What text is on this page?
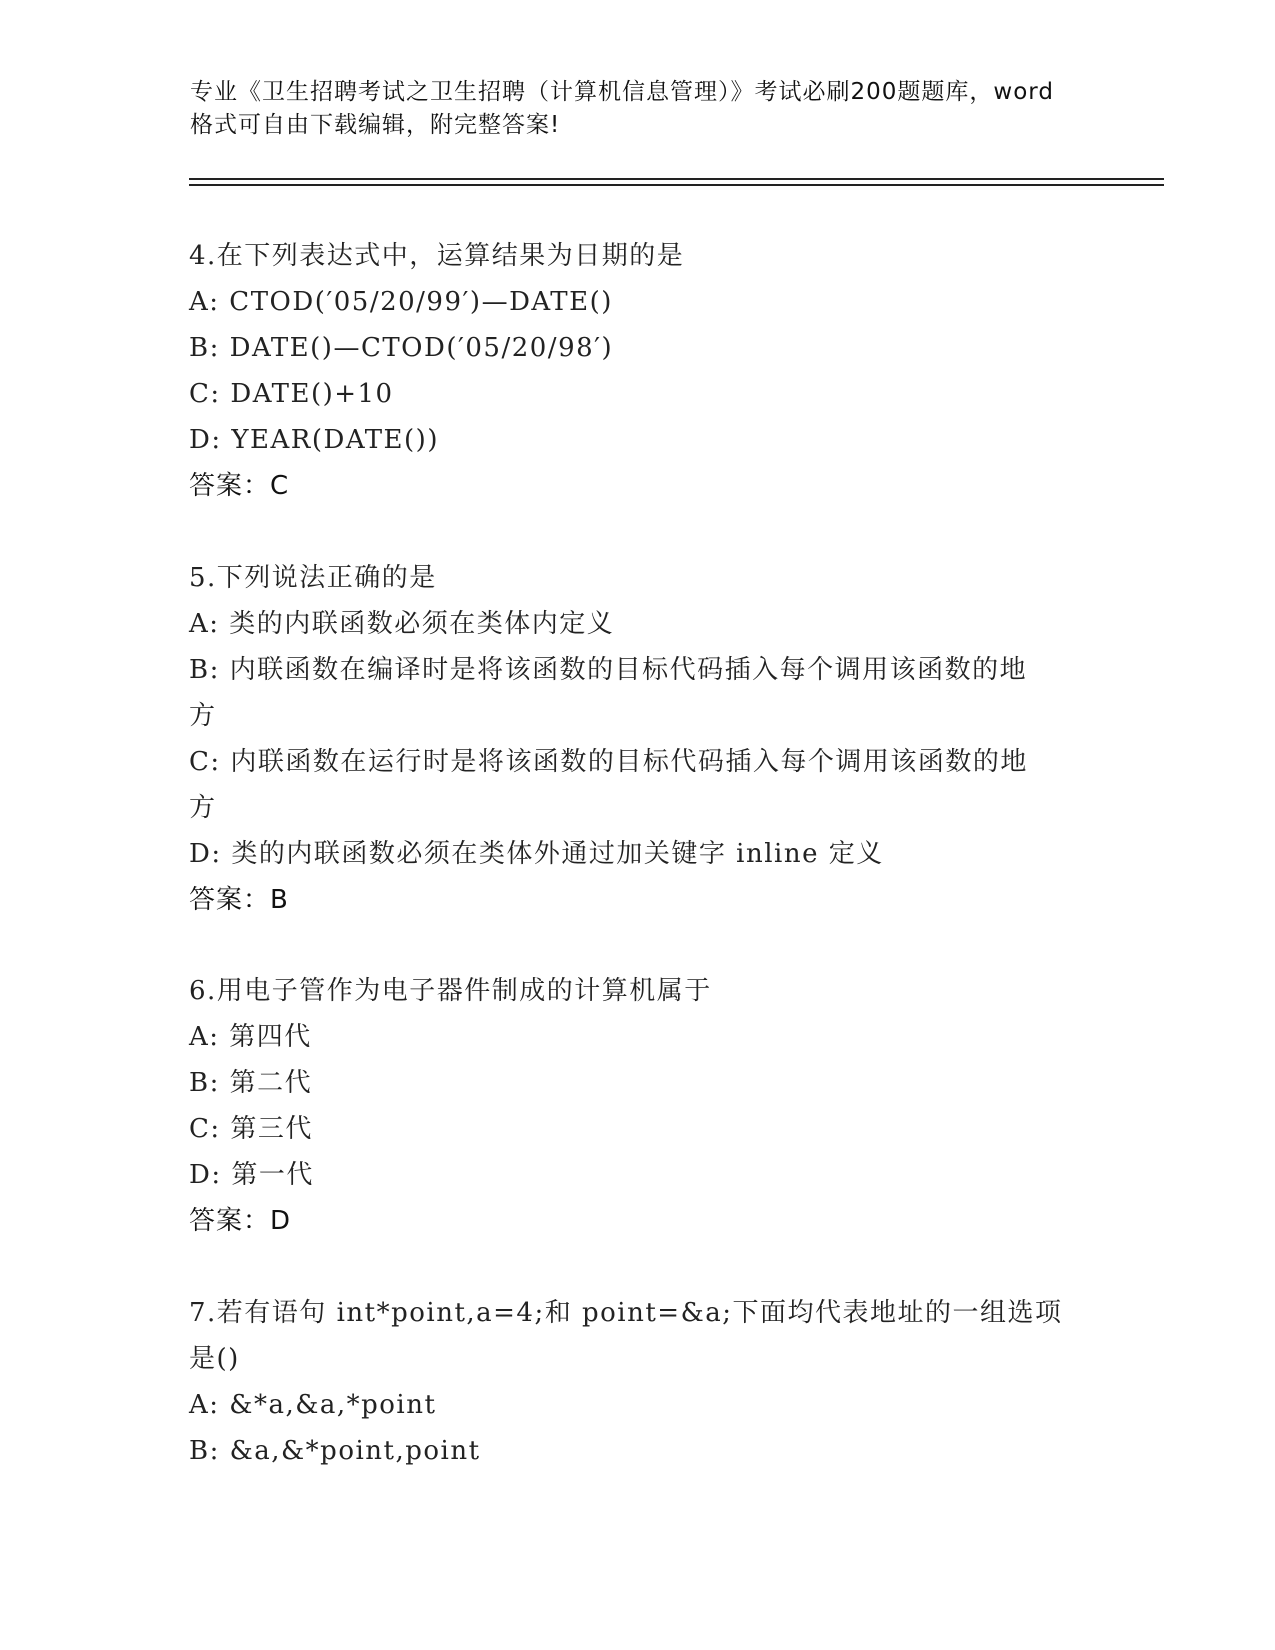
专业《卫生招聘考试之卫生招聘（计算机信息管理）》考试必刷200题题库，word
格式可自由下载编辑，附完整答案!
4.在下列表达式中，运算结果为日期的是
A: CTOD(′05/20/99′)—DATE()
B: DATE()—CTOD(′05/20/98′)
C: DATE()+10
D: YEAR(DATE())
答案：C
5.下列说法正确的是
A: 类的内联函数必须在类体内定义
B: 内联函数在编译时是将该函数的目标代码插入每个调用该函数的地
方
C: 内联函数在运行时是将该函数的目标代码插入每个调用该函数的地
方
D: 类的内联函数必须在类体外通过加关键字 inline 定义
答案：B
6.用电子管作为电子器件制成的计算机属于
A: 第四代
B: 第二代
C: 第三代
D: 第一代
答案：D
7.若有语句 int*point,a=4;和 point=&a;下面均代表地址的一组选项
是()
A: &*a,&a,*point
B: &a,&*point,point
